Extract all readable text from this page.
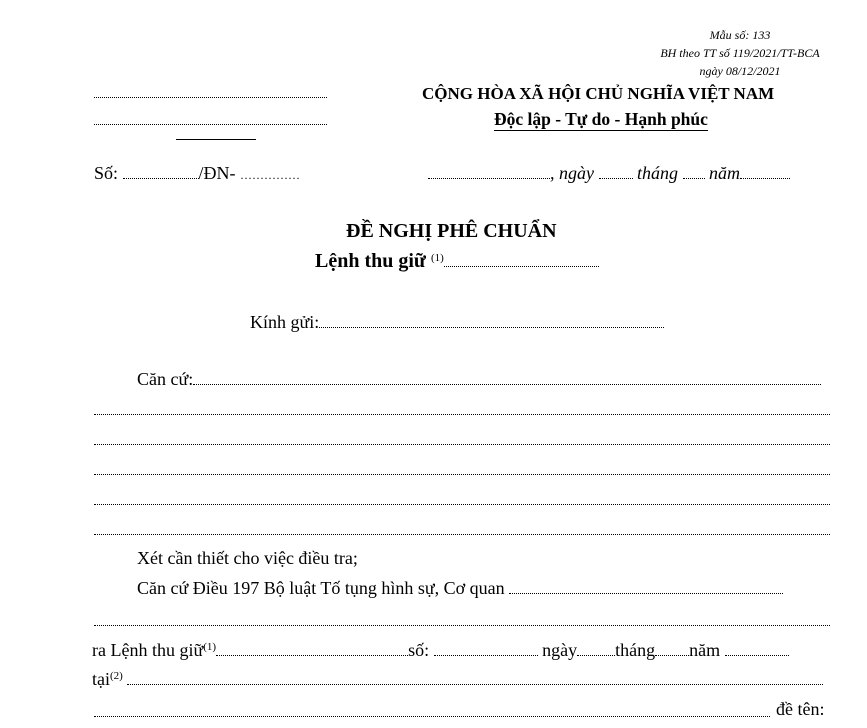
Mẫu số: 133
BH theo TT số 119/2021/TT-BCA
ngày 08/12/2021
CỘNG HÒA XÃ HỘI CHỦ NGHĨA VIỆT NAM
Độc lập - Tự do - Hạnh phúc
Số:	/ĐN- ……………	, ngày tháng năm
ĐỀ NGHỊ PHÊ CHUẨN
Lệnh thu giữ $^{(1)}$
Kính gửi:
Căn cứ:
Xét cần thiết cho việc điều tra;
Căn cứ Điều 197 Bộ luật Tố tụng hình sự, Cơ quan
ra Lệnh thu giữ$^{(1)}$	số:	ngày tháng năm
tại$^{(2)}$
đề tên:
